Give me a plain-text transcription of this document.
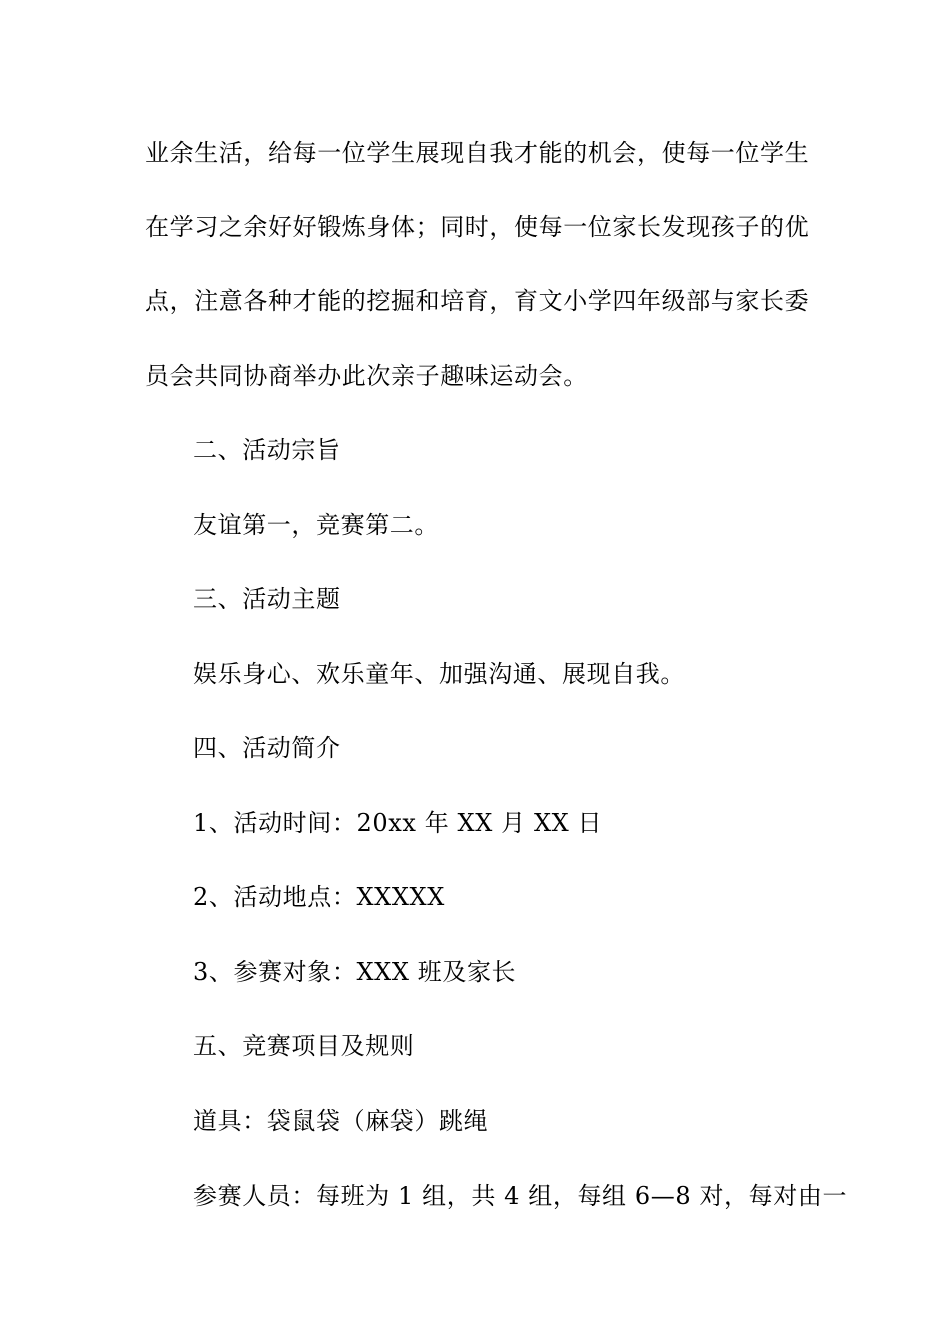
业余生活，给每一位学生展现自我才能的机会，使每一位学生
在学习之余好好锻炼身体；同时，使每一位家长发现孩子的优
点，注意各种才能的挖掘和培育，育文小学四年级部与家长委
员会共同协商举办此次亲子趣味运动会。
二、活动宗旨
友谊第一，竞赛第二。
三、活动主题
娱乐身心、欢乐童年、加强沟通、展现自我。
四、活动简介
1、活动时间：20xx 年 XX 月 XX 日
2、活动地点：XXXXX
3、参赛对象：XXX 班及家长
五、竞赛项目及规则
道具：袋鼠袋（麻袋）跳绳
参赛人员：每班为 1 组，共 4 组，每组 6—8 对，每对由一
